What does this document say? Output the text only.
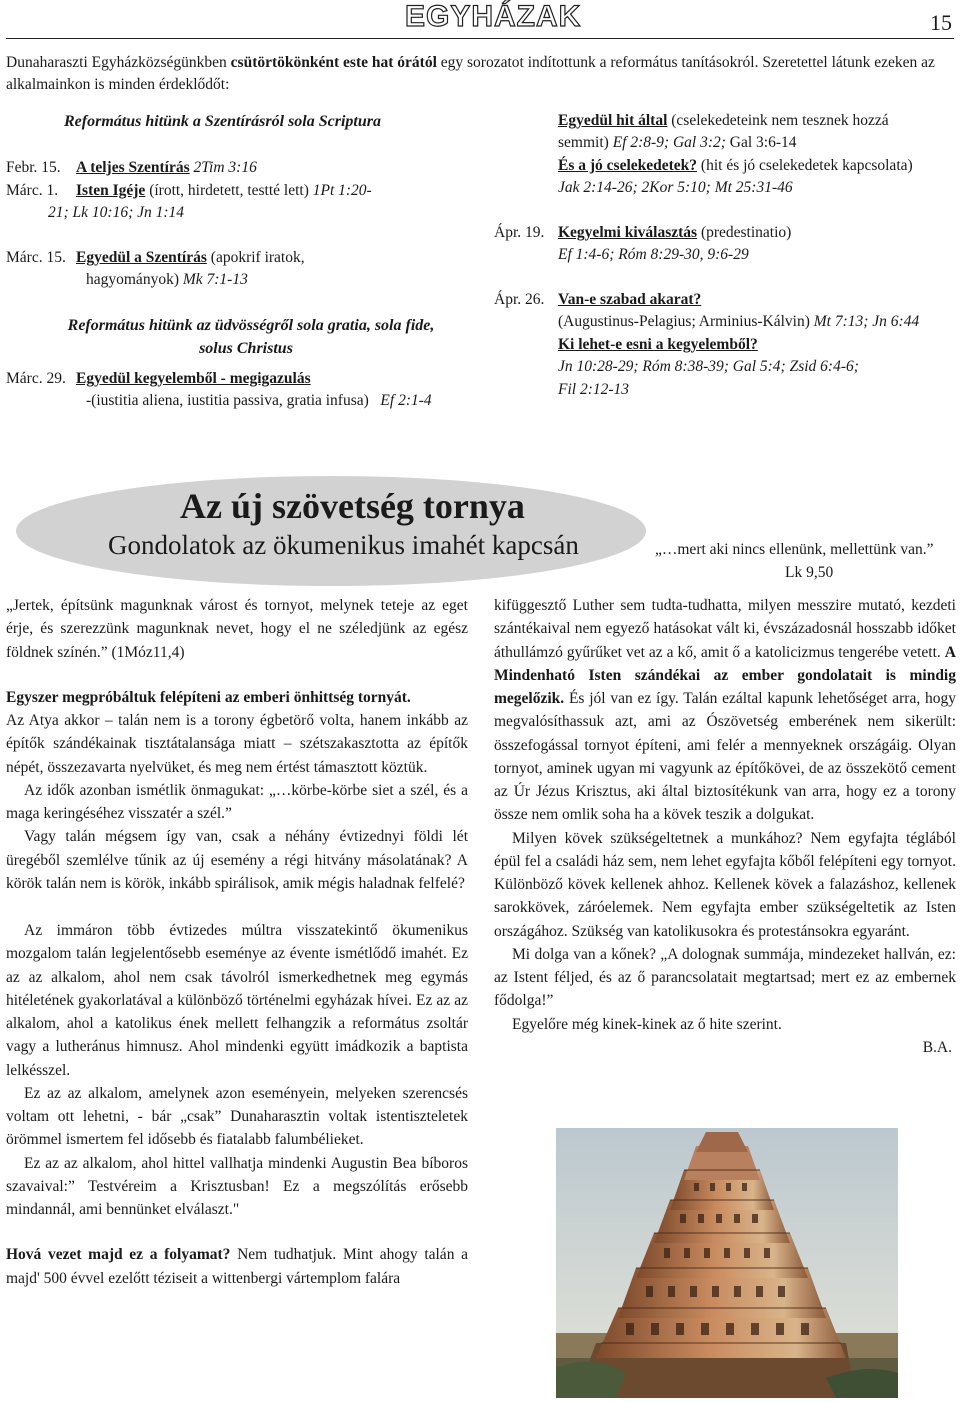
EGYHÁZAK	15
Dunaharaszti Egyházközségünkben csütörtökönként este hat órától egy sorozatot indítottunk a református tanításokról. Szeretettel látunk ezeken az alkalmainkon is minden érdeklődőt:

Református hitünk a Szentírásról sola Scriptura

Febr. 15. A teljes Szentírás 2Tim 3:16

Márc. 1. Isten Igéje (írott, hirdetett, testté lett) 1Pt 1:20-

21; Lk 10:16; Jn 1:14

Márc. 15. Egyedül a Szentírás (apokrif iratok,

hagyományok) Mk 7:1-13

Református hitünk az üdvösségről sola gratia, sola fide,

solus Christus

Márc. 29. Egyedül kegyelemből - megigazulás

-(iustitia aliena, iustitia passiva, gratia infusa) Ef 2:1-4

Egyedül hit által (cselekedeteink nem tesznek hozzá

semmit) Ef 2:8-9; Gal 3:2; Gal 3:6-14

És a jó cselekedetek? (hit és jó cselekedetek kapcsolata)

Jak 2:14-26; 2Kor 5:10; Mt 25:31-46

Ápr. 19. Kegyelmi kiválasztás (predestinatio)

Ef 1:4-6; Róm 8:29-30, 9:6-29

Ápr. 26. Van-e szabad akarat?

(Augustinus-Pelagius; Arminius-Kálvin) Mt 7:13; Jn 6:44

Ki lehet-e esni a kegyelemből?

Jn 10:28-29; Róm 8:38-39; Gal 5:4; Zsid 6:4-6;

Fil 2:12-13

Az új szövetség tornya
Gondolatok az ökumenikus imahét kapcsán	„…mert aki nincs ellenünk, mellettünk van.”
Lk 9,50

„Jertek, építsünk magunknak várost és tornyot, melynek teteje az eget érje, és szerezzünk magunknak nevet, hogy el ne széledjünk az egész földnek színén.” (1Móz11,4)

Egyszer megpróbáltuk felépíteni az emberi önhittség tornyát.

Az Atya akkor – talán nem is a torony égbetörő volta, hanem inkább az építők szándékainak tisztátalansága miatt – szétszakasztotta az építők népét, összezavarta nyelvüket, és meg nem értést támasztott köztük.

Az idők azonban ismétlik önmagukat: „…körbe-körbe siet a szél, és a maga keringéséhez visszatér a szél.”

Vagy talán mégsem így van, csak a néhány évtizednyi földi lét üregéből szemlélve tűnik az új esemény a régi hitvány másolatának? A körök talán nem is körök, inkább spirálisok, amik mégis haladnak felfelé?

Az immáron több évtizedes múltra visszatekintő ökumenikus mozgalom talán legjelentősebb eseménye az évente ismétlődő imahét. Ez az az alkalom, ahol nem csak távolról ismerkedhetnek meg egymás hitéletének gyakorlatával a különböző történelmi egyházak hívei. Ez az az alkalom, ahol a katolikus ének mellett felhangzik a református zsoltár vagy a lutheránus himnusz. Ahol mindenki együtt imádkozik a baptista lelkésszel.

Ez az az alkalom, amelynek azon eseményein, melyeken szerencsés voltam ott lehetni, - bár „csak” Dunaharasztin voltak istentiszteletek örömmel ismertem fel idősebb és fiatalabb falumbélieket.

Ez az az alkalom, ahol hittel vallhatja mindenki Augustin Bea bíboros szavaival:” Testvéreim a Krisztusban! Ez a megszólítás erősebb mindannál, ami bennünket elválaszt."

Hová vezet majd ez a folyamat? Nem tudhatjuk. Mint ahogy talán a majd' 500 évvel ezelőtt téziseit a wittenbergi vártemplom falára

kifüggesztő Luther sem tudta-tudhatta, milyen messzire mutató, kezdeti szántékaival nem egyező hatásokat vált ki, évszázadosnál hosszabb időket áthullámzó gyűrűket vet az a kő, amit ő a katolicizmus tengerébe vetett. A Mindenható Isten szándékai az ember gondolatait is mindig megelőzik. És jól van ez így. Talán ezáltal kapunk lehetőséget arra, hogy megvalósíthassuk azt, ami az Ószövetség emberének nem sikerült: összefogással tornyot építeni, ami felér a mennyeknek országáig. Olyan tornyot, aminek ugyan mi vagyunk az építőkövei, de az összekötő cement az Úr Jézus Krisztus, aki által biztosítékunk van arra, hogy ez a torony össze nem omlik soha ha a kövek teszik a dolgukat.

Milyen kövek szükségeltetnek a munkához? Nem egyfajta téglából épül fel a családi ház sem, nem lehet egyfajta kőből felépíteni egy tornyot. Különböző kövek kellenek ahhoz. Kellenek kövek a falazáshoz, kellenek sarokkövek, záróelemek. Nem egyfajta ember szükségeltetik az Isten országához. Szükség van katolikusokra és protestánsokra egyaránt.

Mi dolga van a kőnek? „A dolognak summája, mindezeket hallván, ez: az Istent féljed, és az ő parancsolatait megtartsad; mert ez az embernek fődolga!”

Egyelőre még kinek-kinek az ő hite szerint.

B.A.
